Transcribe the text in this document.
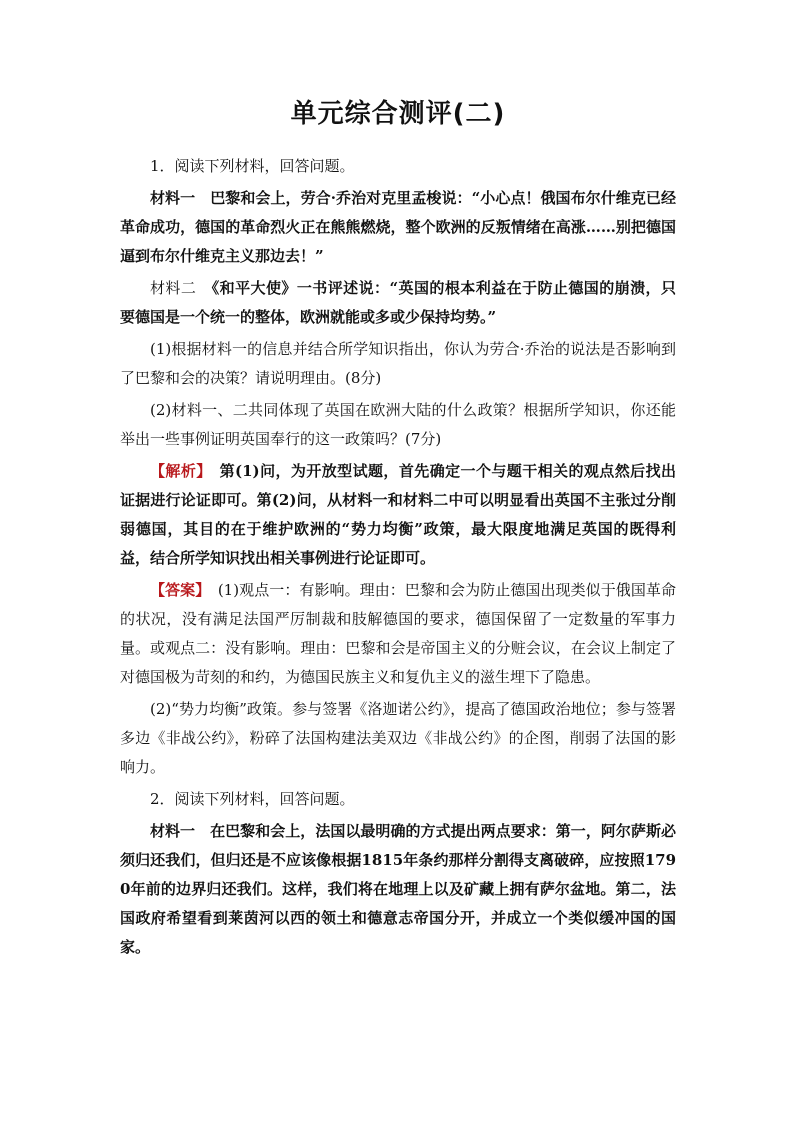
单元综合测评(二)

1．阅读下列材料，回答问题。

材料一　巴黎和会上，劳合·乔治对克里孟梭说：“小心点！俄国布尔什维克已经革命成功，德国的革命烈火正在熊熊燃烧，整个欧洲的反叛情绪在高涨……别把德国逼到布尔什维克主义那边去！”

材料二　《和平大使》一书评述说：“英国的根本利益在于防止德国的崩溃，只要德国是一个统一的整体，欧洲就能或多或少保持均势。”

(1)根据材料一的信息并结合所学知识指出，你认为劳合·乔治的说法是否影响到了巴黎和会的决策？请说明理由。(8分)

(2)材料一、二共同体现了英国在欧洲大陆的什么政策？根据所学知识，你还能举出一些事例证明英国奉行的这一政策吗？(7分)

【解析】　第(1)问，为开放型试题，首先确定一个与题干相关的观点然后找出证据进行论证即可。第(2)问，从材料一和材料二中可以明显看出英国不主张过分削弱德国，其目的在于维护欧洲的“势力均衡”政策，最大限度地满足英国的既得利益，结合所学知识找出相关事例进行论证即可。

【答案】　(1)观点一：有影响。理由：巴黎和会为防止德国出现类似于俄国革命的状况，没有满足法国严厉制裁和肢解德国的要求，德国保留了一定数量的军事力量。或观点二：没有影响。理由：巴黎和会是帝国主义的分赃会议，在会议上制定了对德国极为苛刻的和约，为德国民族主义和复仇主义的滋生埋下了隐患。

(2)“势力均衡”政策。参与签署《洛迦诺公约》，提高了德国政治地位；参与签署多边《非战公约》，粉碎了法国构建法美双边《非战公约》的企图，削弱了法国的影响力。

2．阅读下列材料，回答问题。

材料一　在巴黎和会上，法国以最明确的方式提出两点要求：第一，阿尔萨斯必须归还我们，但归还是不应该像根据1815年条约那样分割得支离破碎，应按照1790年前的边界归还我们。这样，我们将在地理上以及矿藏上拥有萨尔盆地。第二，法国政府希望看到莱茵河以西的领土和德意志帝国分开，并成立一个类似缓冲国的国家。
